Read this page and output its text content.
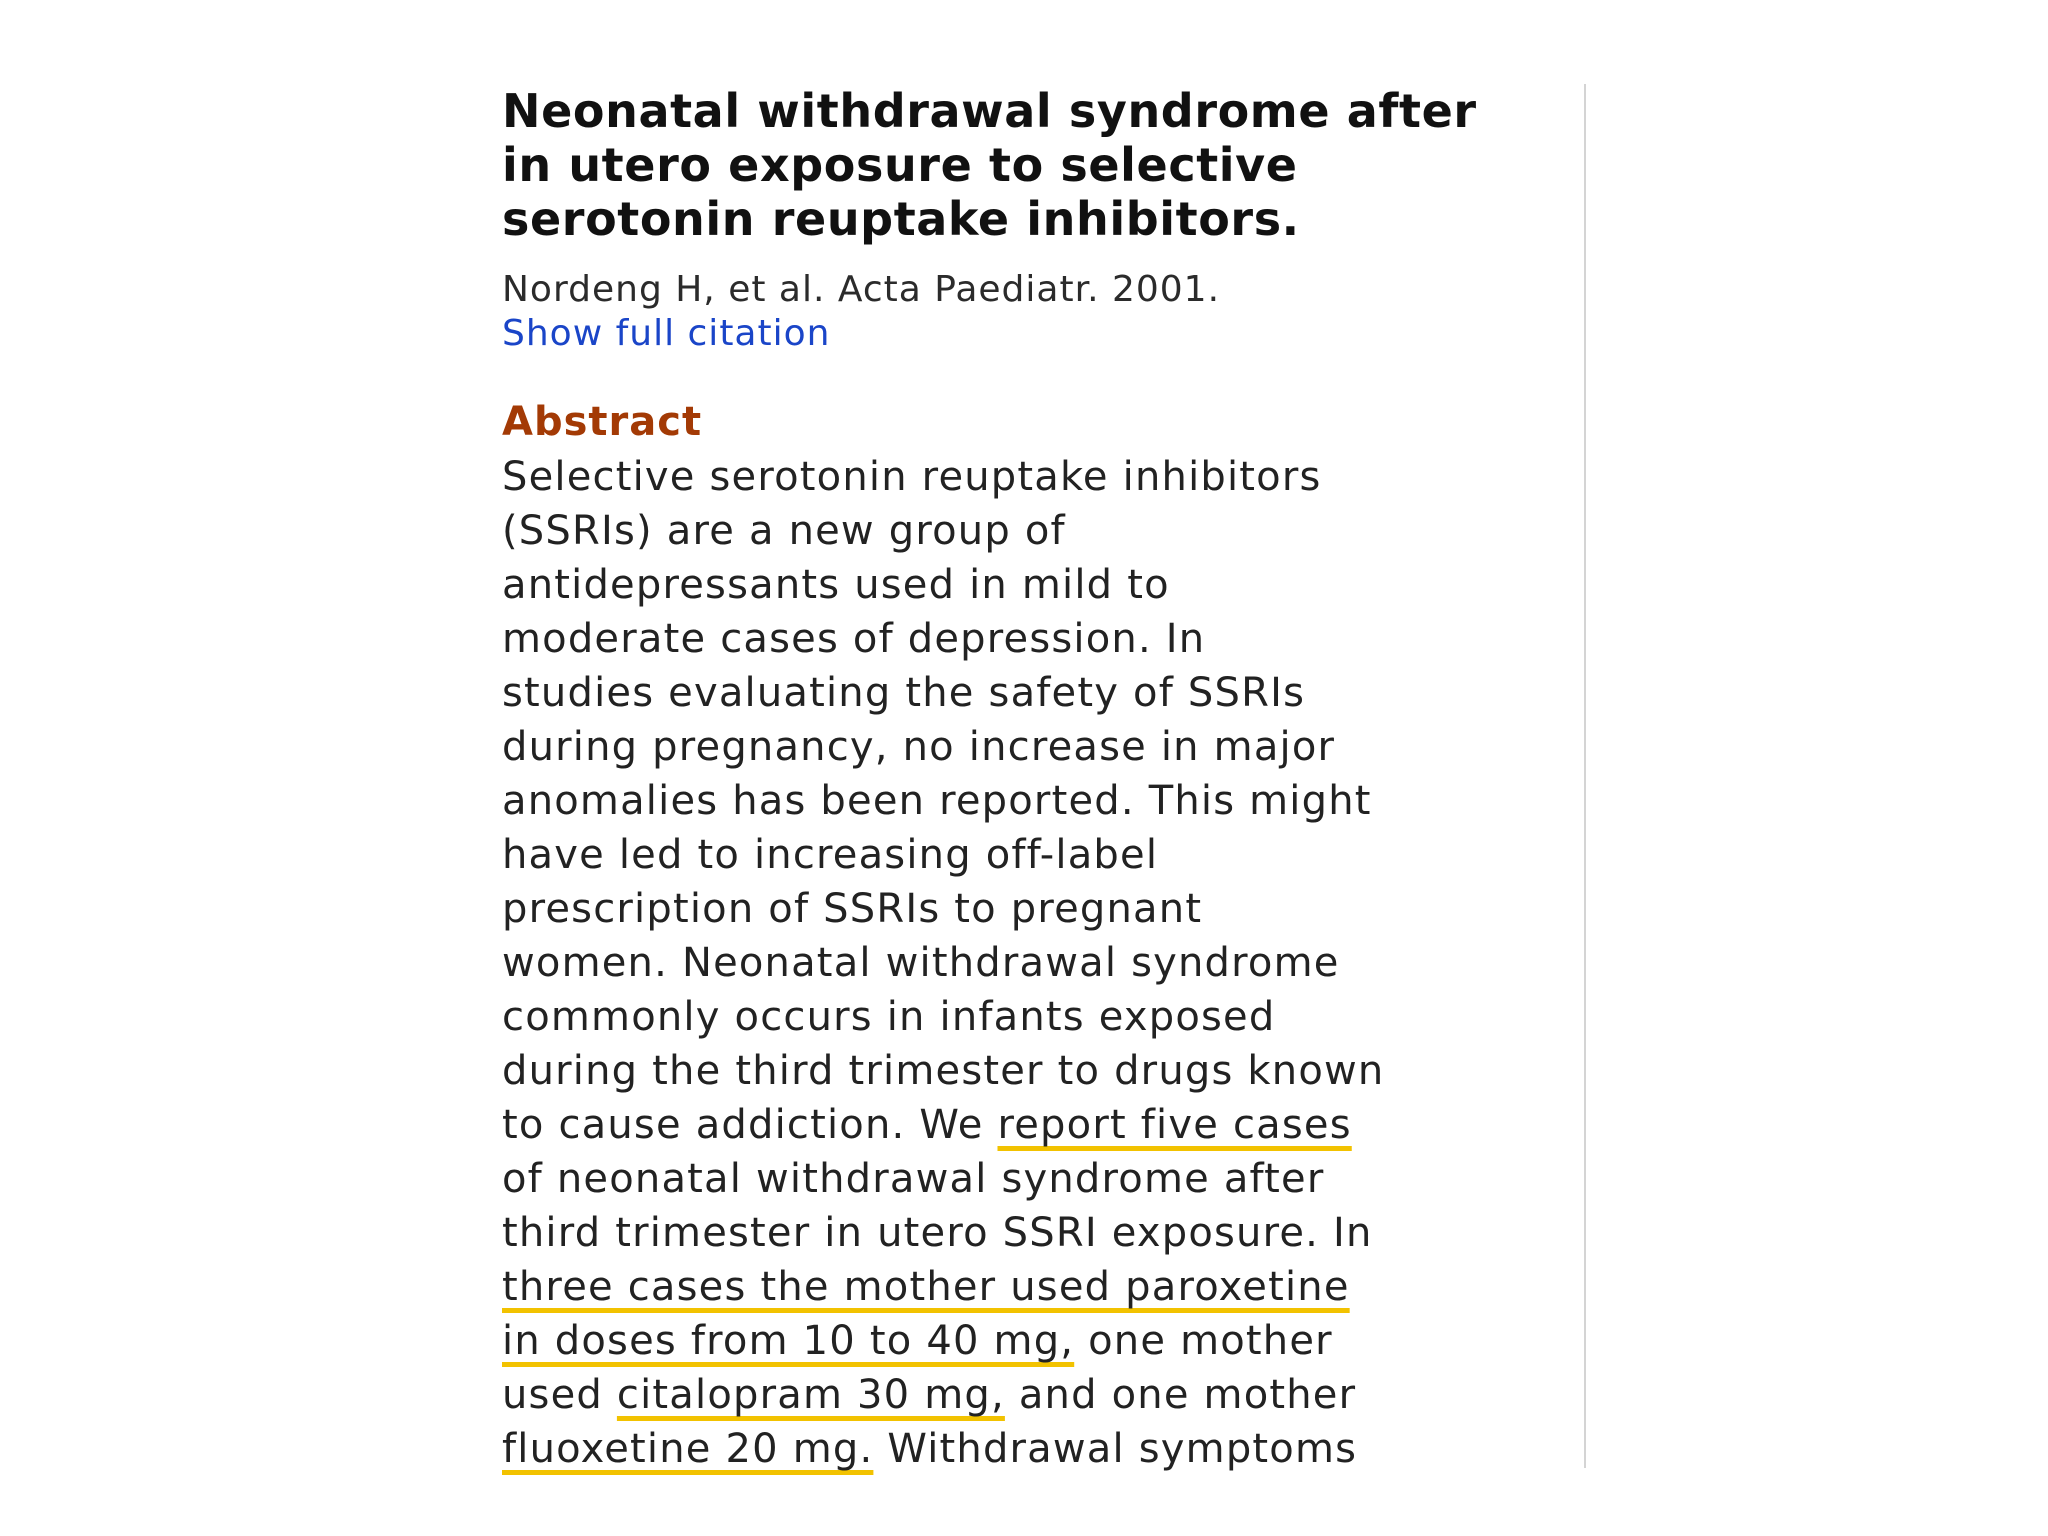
Neonatal withdrawal syndrome after
in utero exposure to selective
serotonin reuptake inhibitors.
Nordeng H, et al. Acta Paediatr. 2001.
Show full citation
Abstract
Selective serotonin reuptake inhibitors
(SSRIs) are a new group of
antidepressants used in mild to
moderate cases of depression. In
studies evaluating the safety of SSRIs
during pregnancy, no increase in major
anomalies has been reported. This might
have led to increasing off-label
prescription of SSRIs to pregnant
women. Neonatal withdrawal syndrome
commonly occurs in infants exposed
during the third trimester to drugs known
to cause addiction. We report five cases
of neonatal withdrawal syndrome after
third trimester in utero SSRI exposure. In
three cases the mother used paroxetine
in doses from 10 to 40 mg, one mother
used citalopram 30 mg, and one mother
fluoxetine 20 mg. Withdrawal symptoms
